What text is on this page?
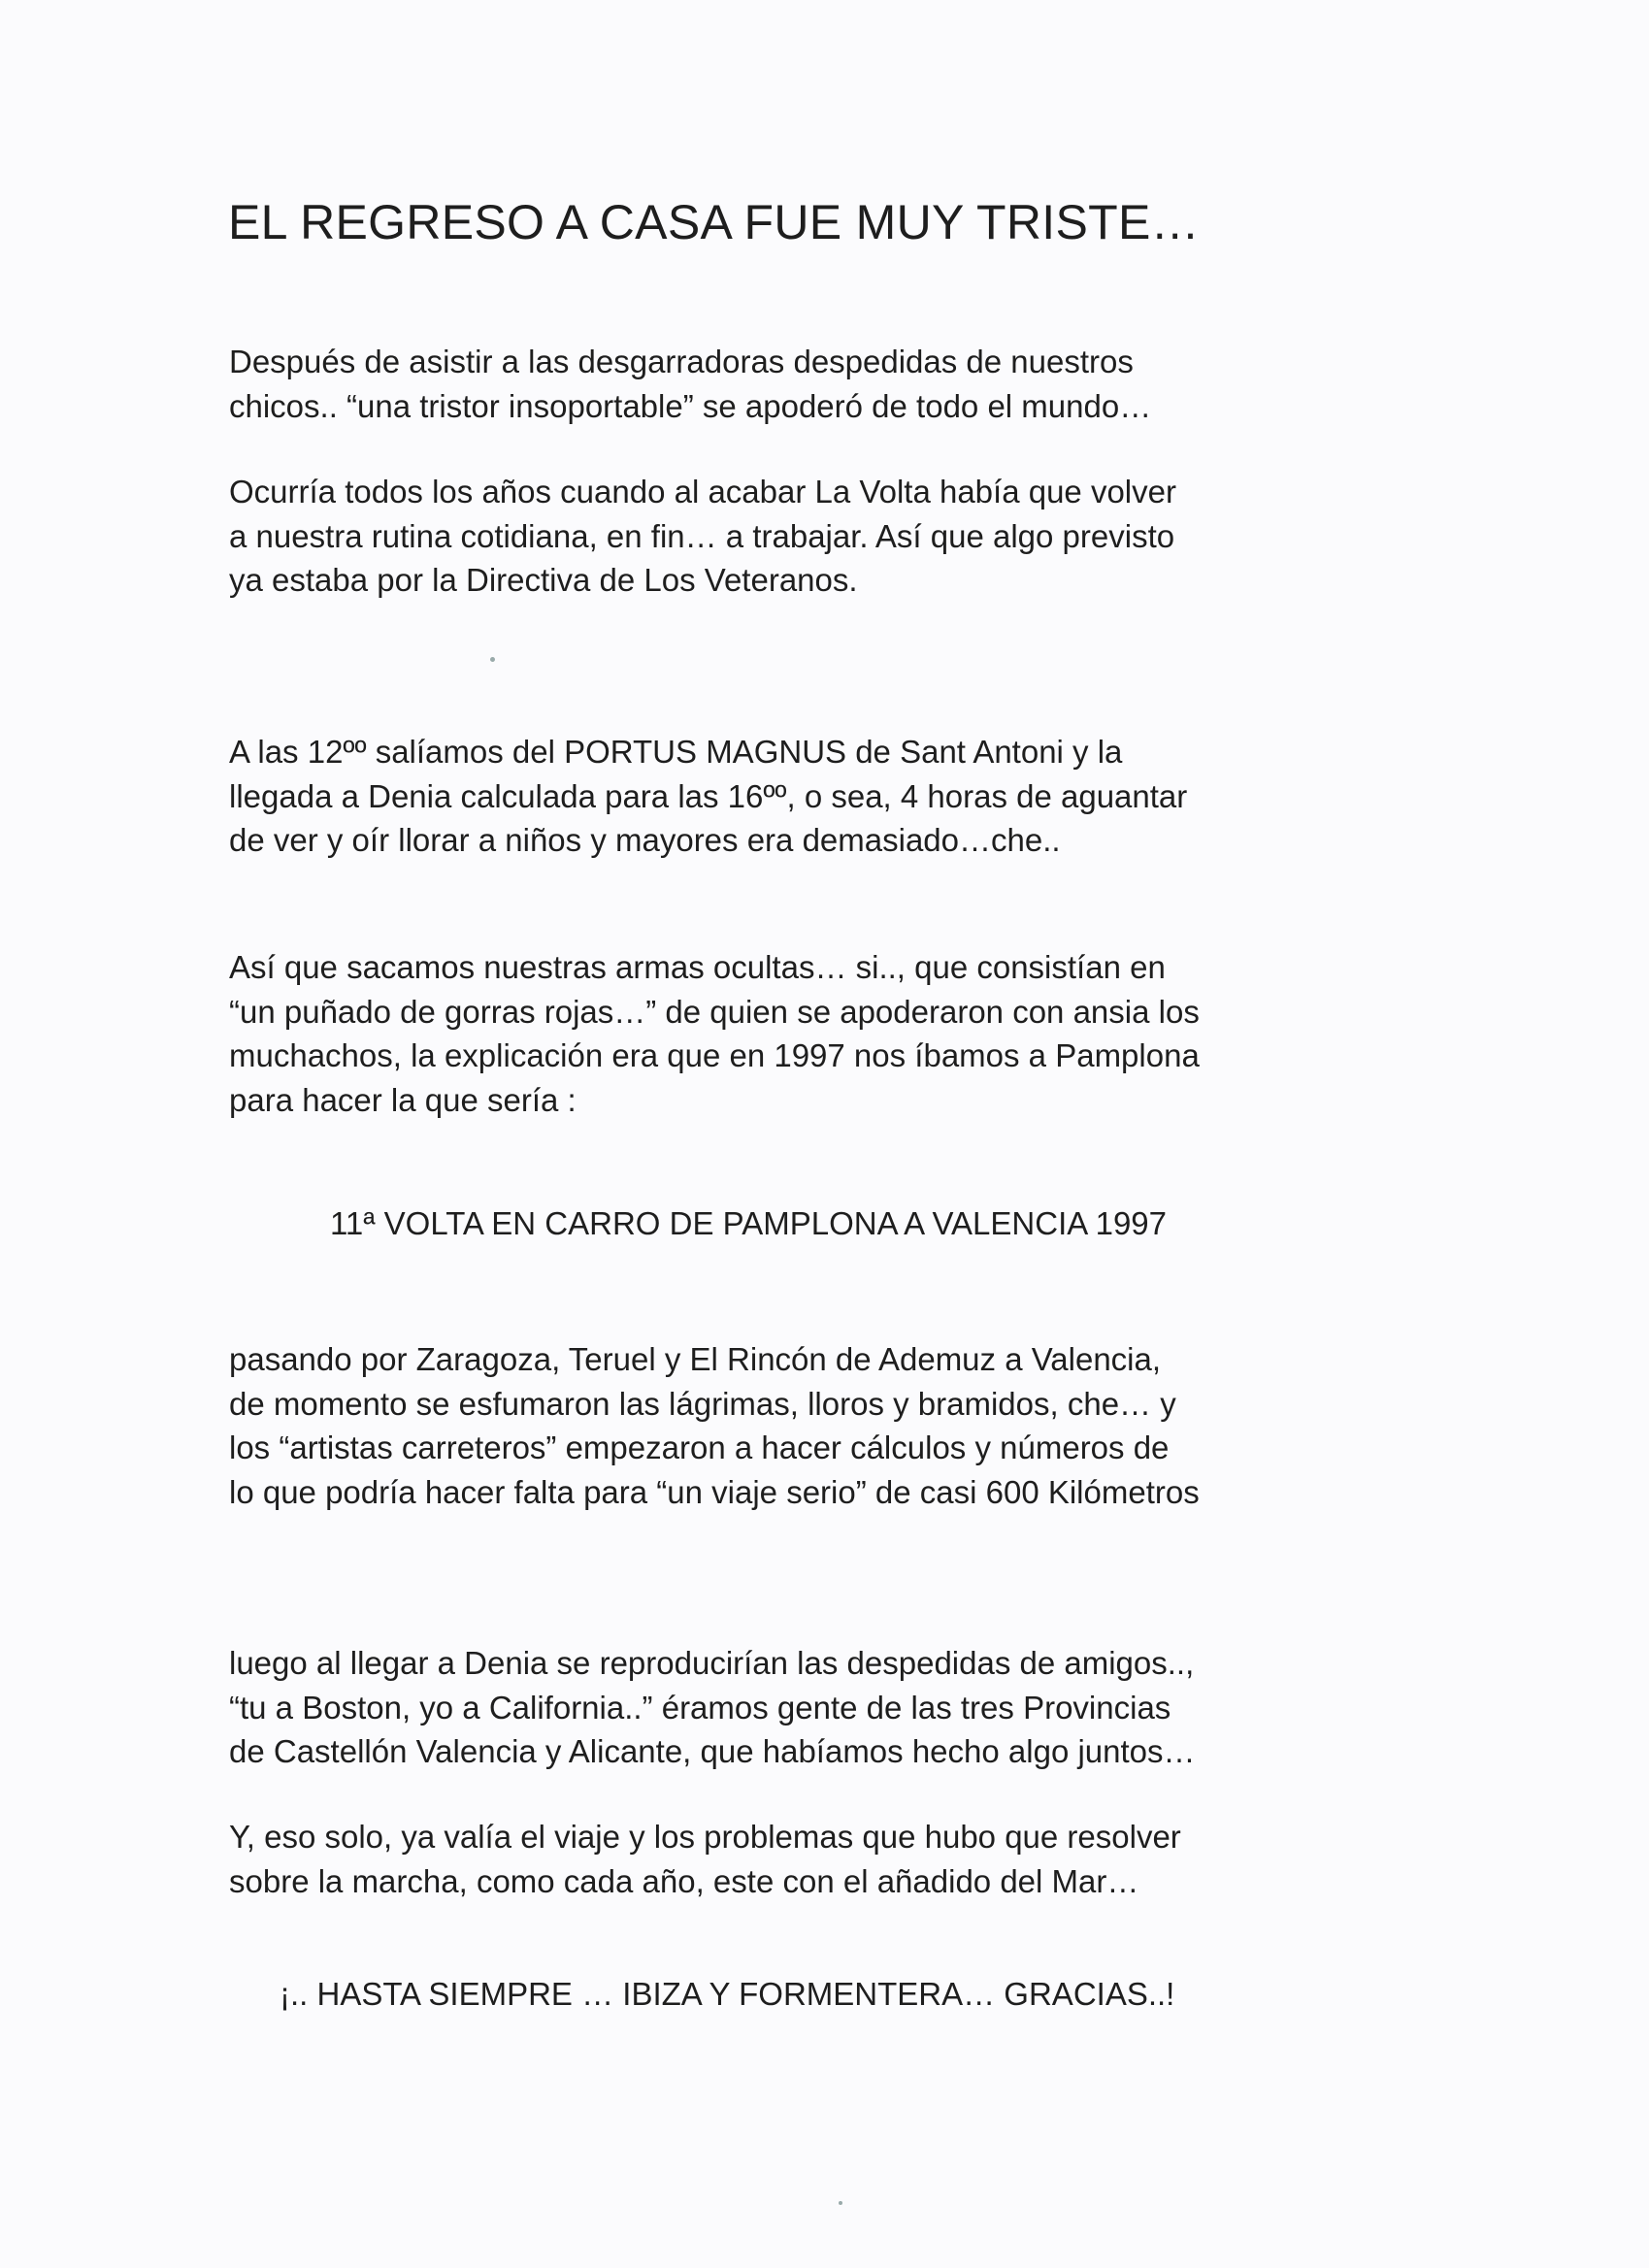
EL REGRESO A CASA FUE MUY TRISTE…
Después de asistir a las desgarradoras despedidas de nuestros
chicos.. “una tristor insoportable” se apoderó de todo el mundo…
Ocurría todos los años cuando al acabar La Volta había que volver
a nuestra rutina cotidiana, en fin… a trabajar. Así que algo previsto
ya estaba por la Directiva de Los Veteranos.
A las 12ºº salíamos del PORTUS MAGNUS de Sant Antoni y la
llegada a Denia calculada para las 16ºº, o sea, 4 horas de aguantar
de ver y oír llorar a niños y mayores era demasiado…che..
Así que sacamos nuestras armas ocultas… si.., que consistían en
“un puñado de gorras rojas…” de quien se apoderaron con ansia los
muchachos, la explicación era que en 1997 nos íbamos a Pamplona
para hacer la que sería :
11ª VOLTA EN CARRO DE PAMPLONA A VALENCIA 1997
pasando por Zaragoza, Teruel y El Rincón de Ademuz a Valencia,
de momento se esfumaron las lágrimas, lloros y bramidos, che… y
los “artistas carreteros” empezaron a hacer cálculos y números de
lo que podría hacer falta para “un viaje serio” de casi 600 Kilómetros
luego al llegar a Denia se reproducirían las despedidas de amigos..,
“tu a Boston, yo a California..” éramos gente de las tres Provincias
de Castellón Valencia y Alicante, que habíamos hecho algo juntos…
Y, eso solo, ya valía el viaje y los problemas que hubo que resolver
sobre la marcha, como cada año, este con el añadido del Mar…
¡.. HASTA SIEMPRE … IBIZA Y FORMENTERA… GRACIAS..!
